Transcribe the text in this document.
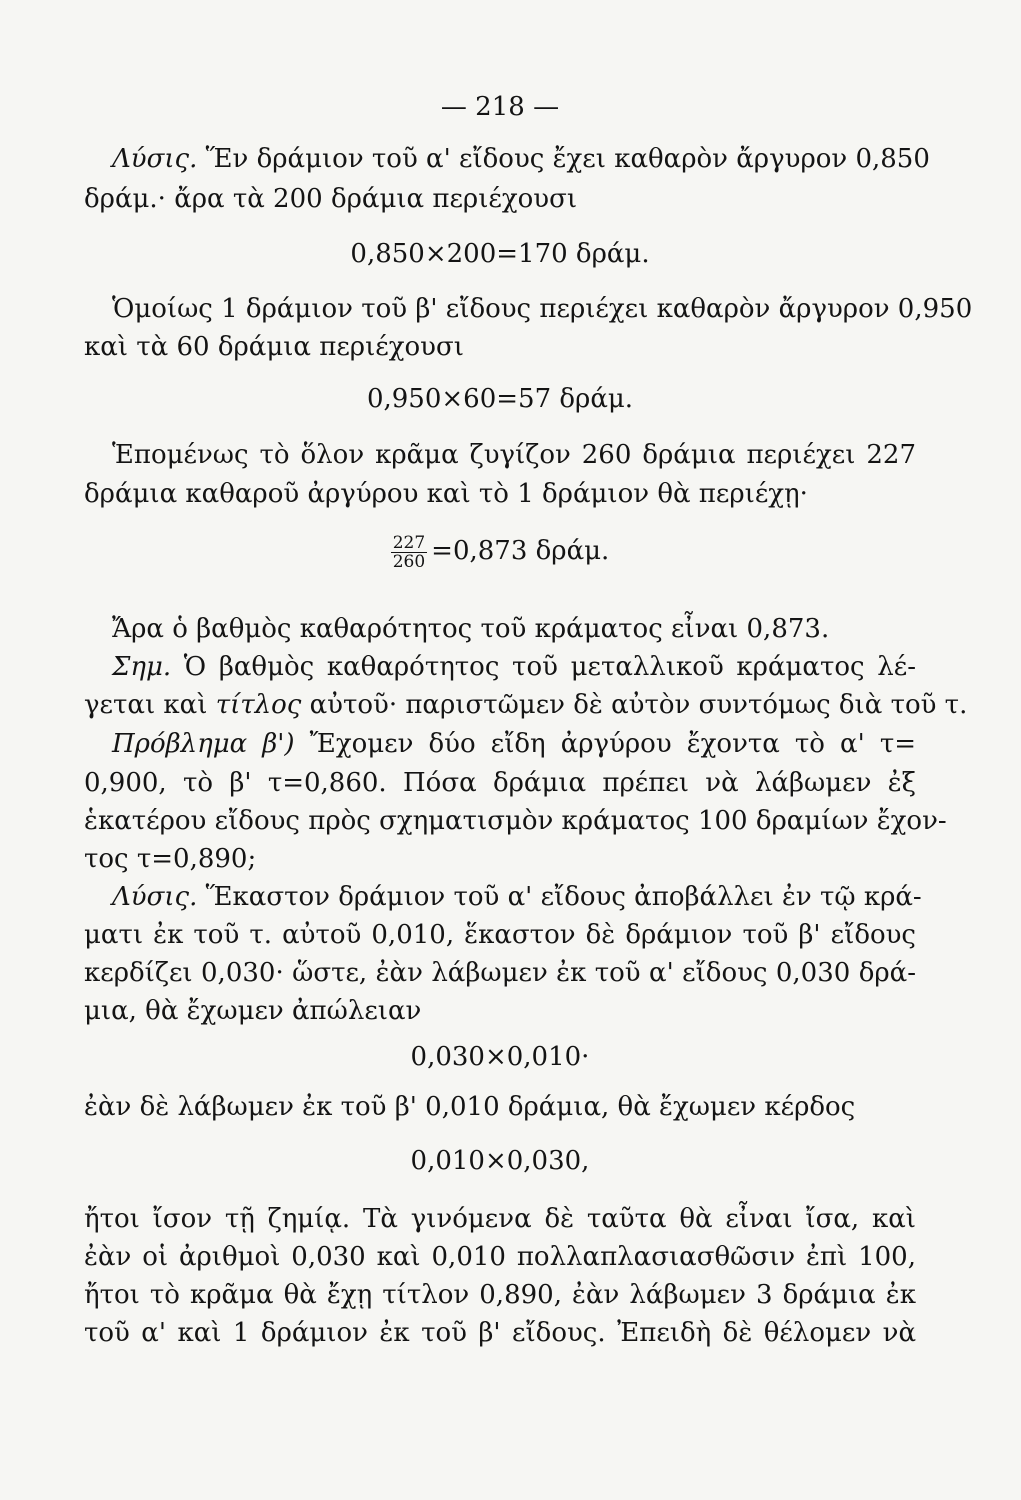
— 218 —
Λύσις. Ἕν δράμιον τοῦ α' εἴδους ἔχει καθαρὸν ἄργυρον 0,850
δράμ.· ἄρα τὰ 200 δράμια περιέχουσι
0,850×200=170 δράμ.
Ὁμοίως 1 δράμιον τοῦ β' εἴδους περιέχει καθαρὸν ἄργυρον 0,950
καὶ τὰ 60 δράμια περιέχουσι
0,950×60=57 δράμ.
Ἑπομένως τὸ ὅλον κρᾶμα ζυγίζον 260 δράμια περιέχει 227
δράμια καθαροῦ ἀργύρου καὶ τὸ 1 δράμιον θὰ περιέχῃ·
$\frac{227}{260} =0,873$ δράμ.
Ἄρα ὁ βαθμὸς καθαρότητος τοῦ κράματος εἶναι 0,873.
Σημ. Ὁ βαθμὸς καθαρότητος τοῦ μεταλλικοῦ κράματος λέ-
γεται καὶ τίτλος αὐτοῦ· παριστῶμεν δὲ αὐτὸν συντόμως διὰ τοῦ τ.
Πρόβλημα β') Ἔχομεν δύο εἴδη ἀργύρου ἔχοντα τὸ α' τ=
0,900, τὸ β' τ=0,860. Πόσα δράμια πρέπει νὰ λάβωμεν ἐξ
ἑκατέρου εἴδους πρὸς σχηματισμὸν κράματος 100 δραμίων ἔχον-
τος τ=0,890;
Λύσις. Ἕκαστον δράμιον τοῦ α' εἴδους ἀποβάλλει ἐν τῷ κρά-
ματι ἐκ τοῦ τ. αὐτοῦ 0,010, ἕκαστον δὲ δράμιον τοῦ β' εἴδους
κερδίζει 0,030· ὥστε, ἐὰν λάβωμεν ἐκ τοῦ α' εἴδους 0,030 δρά-
μια, θὰ ἔχωμεν ἀπώλειαν
0,030×0,010·
ἐὰν δὲ λάβωμεν ἐκ τοῦ β' 0,010 δράμια, θὰ ἔχωμεν κέρδος
0,010×0,030,
ἤτοι ἴσον τῇ ζημίᾳ. Τὰ γινόμενα δὲ ταῦτα θὰ εἶναι ἴσα, καὶ
ἐὰν οἱ ἀριθμοὶ 0,030 καὶ 0,010 πολλαπλασιασθῶσιν ἐπὶ 100,
ἤτοι τὸ κρᾶμα θὰ ἔχῃ τίτλον 0,890, ἐὰν λάβωμεν 3 δράμια ἐκ
τοῦ α' καὶ 1 δράμιον ἐκ τοῦ β' εἴδους. Ἐπειδὴ δὲ θέλομεν νὰ
